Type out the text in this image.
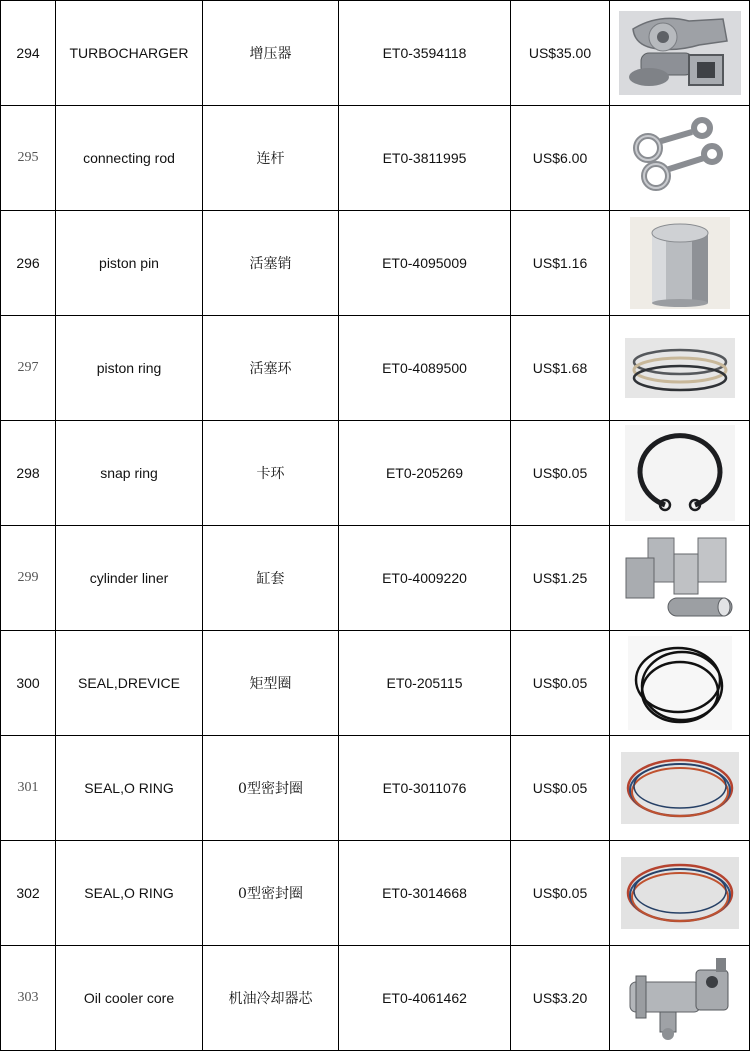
294	TURBOCHARGER	增压器	ET0-3594118	US$35.00	

295	connecting rod	连杆	ET0-3811995	US$6.00	

296	piston pin	活塞销	ET0-4095009	US$1.16	

297	piston ring	活塞环	ET0-4089500	US$1.68	

298	snap ring	卡环	ET0-205269	US$0.05	

299	cylinder liner	缸套	ET0-4009220	US$1.25	

300	SEAL,DREVICE	矩型圈	ET0-205115	US$0.05	

301	SEAL,O RING	0型密封圈	ET0-3011076	US$0.05	

302	SEAL,O RING	0型密封圈	ET0-3014668	US$0.05	

303	Oil cooler core	机油冷却器芯	ET0-4061462	US$3.20	
